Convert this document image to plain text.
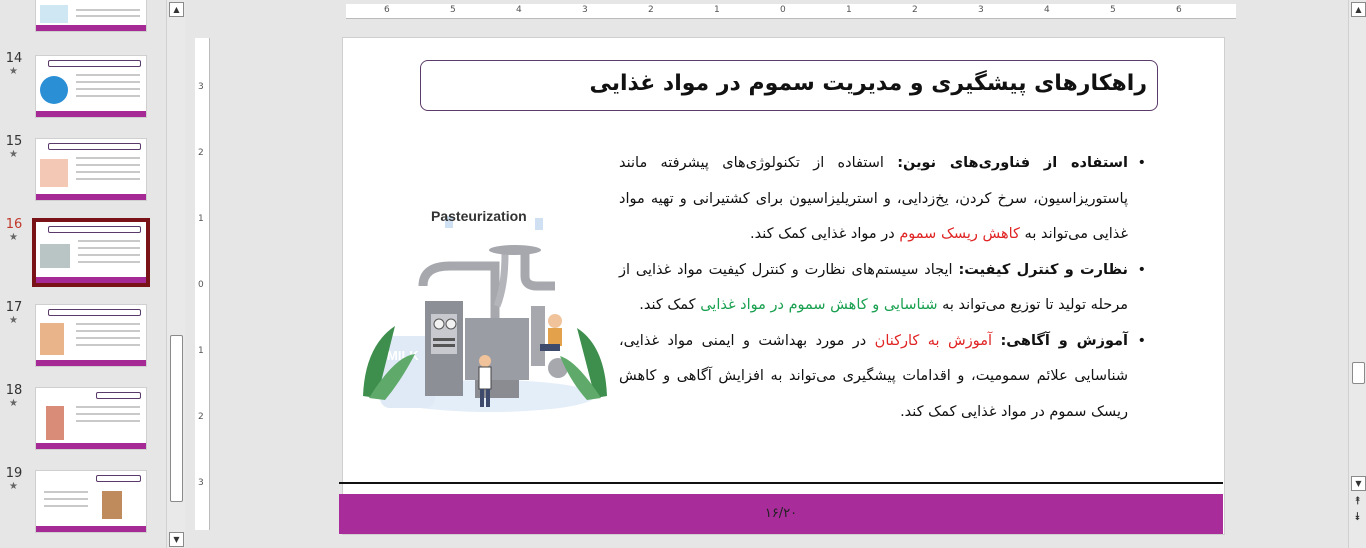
14
★
15
★
16
★
17
★
18
★
19
★
▲
▼
6	5	4	3	2	1	0	1	2	3	4	5	6
3
2
1
0
1
2
3
راهکارهای پیشگیری و مدیریت سموم در مواد غذایی
MILK
Pasteurization
• استفاده از فناوری‌های نوین: استفاده از تکنولوژی‌های پیشرفته مانند پاستوریزاسیون، سرخ کردن، یخ‌زدایی، و استریلیزاسیون برای کشتیرانی و تهیه مواد غذایی می‌تواند به کاهش ریسک سموم در مواد غذایی کمک کند.
• نظارت و کنترل کیفیت: ایجاد سیستم‌های نظارت و کنترل کیفیت مواد غذایی از مرحله تولید تا توزیع می‌تواند به شناسایی و کاهش سموم در مواد غذایی کمک کند.
• آموزش و آگاهی: آموزش به کارکنان در مورد بهداشت و ایمنی مواد غذایی، شناسایی علائم سمومیت، و اقدامات پیشگیری می‌تواند به افزایش آگاهی و کاهش ریسک سموم در مواد غذایی کمک کند.
۱۶/۲۰
▲
▼
⯭
⯯
